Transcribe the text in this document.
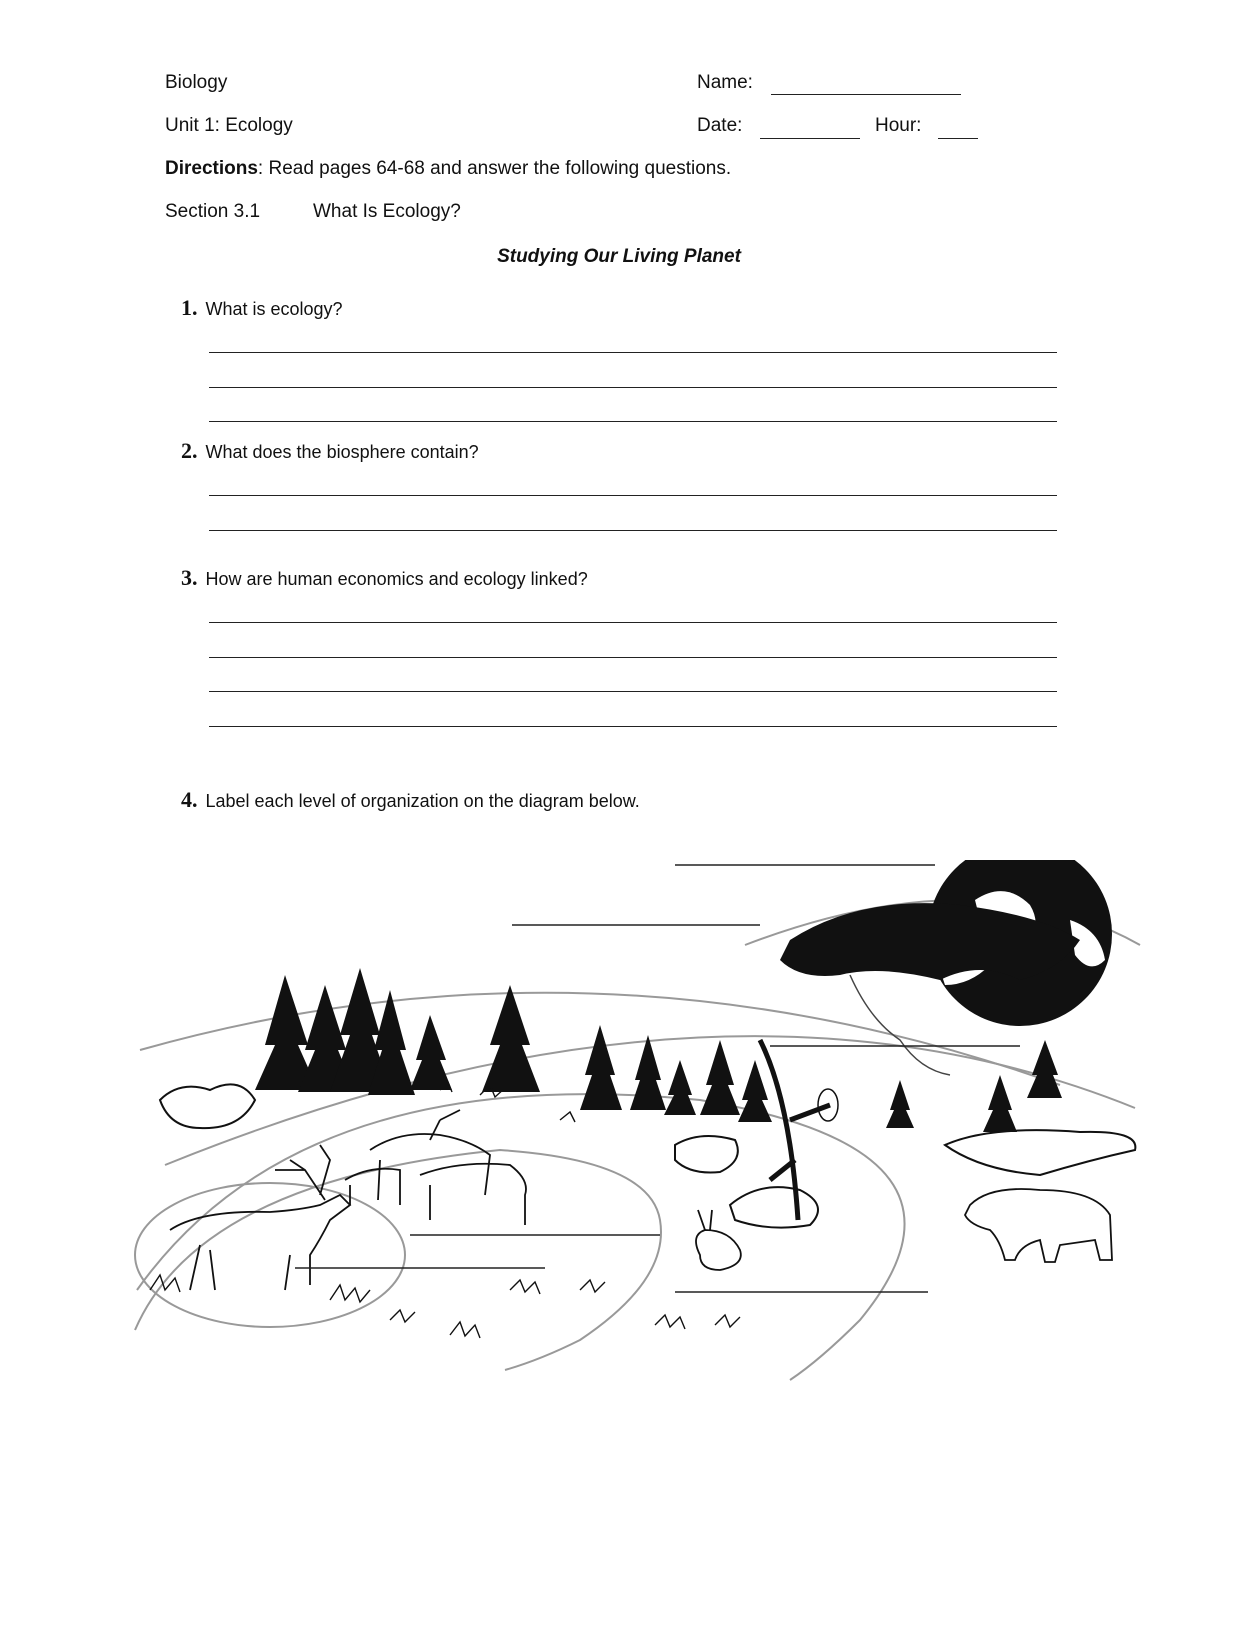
Biology	Name:
Unit 1: Ecology	Date:	Hour:
Directions: Read pages 64-68 and answer the following questions.
Section 3.1	What Is Ecology?
Studying Our Living Planet
1. What is ecology?
2. What does the biosphere contain?
3. How are human economics and ecology linked?
4. Label each level of organization on the diagram below.
